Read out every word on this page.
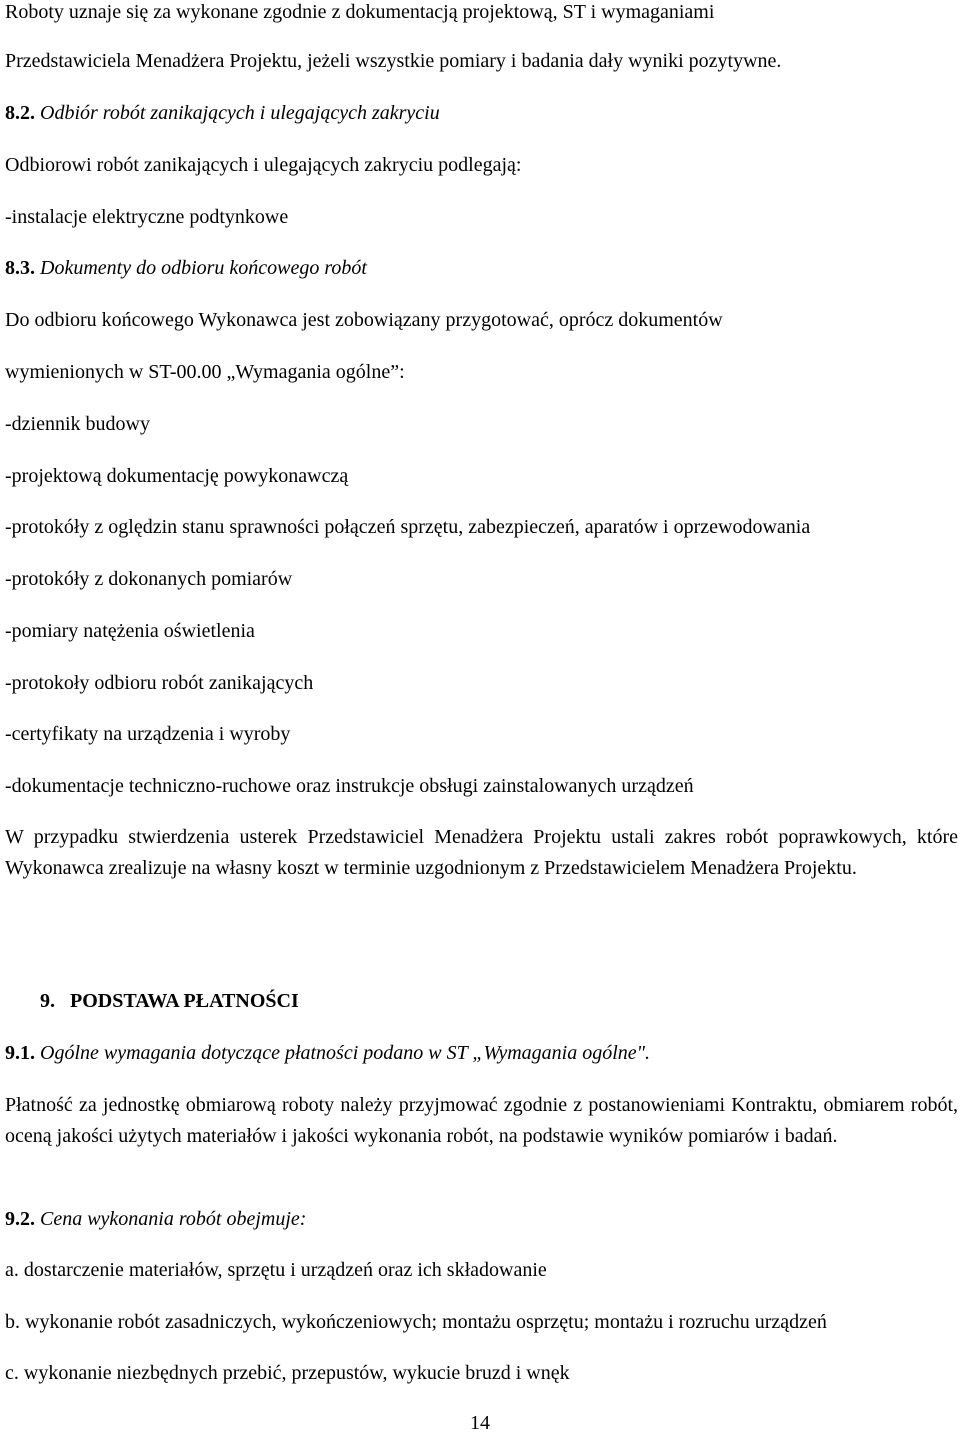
Roboty uznaje się za wykonane zgodnie z dokumentacją projektową, ST i wymaganiami

Przedstawiciela Menadżera Projektu, jeżeli wszystkie pomiary i badania dały wyniki pozytywne.

8.2. Odbiór robót zanikających i ulegających zakryciu

Odbiorowi robót zanikających i ulegających zakryciu podlegają:

-instalacje elektryczne podtynkowe

8.3. Dokumenty do odbioru końcowego robót

Do odbioru końcowego Wykonawca jest zobowiązany przygotować, oprócz dokumentów

wymienionych w ST-00.00 „Wymagania ogólne”:

-dziennik budowy

-projektową dokumentację powykonawczą

-protokóły z oględzin stanu sprawności połączeń sprzętu, zabezpieczeń, aparatów i oprzewodowania

-protokóły z dokonanych pomiarów

-pomiary natężenia oświetlenia

-protokoły odbioru robót zanikających

-certyfikaty na urządzenia i wyroby

-dokumentacje techniczno-ruchowe oraz instrukcje obsługi zainstalowanych urządzeń

W przypadku stwierdzenia usterek Przedstawiciel Menadżera Projektu ustali zakres robót poprawkowych, które Wykonawca zrealizuje na własny koszt w terminie uzgodnionym z Przedstawicielem Menadżera Projektu.

9. PODSTAWA PŁATNOŚCI

9.1. Ogólne wymagania dotyczące płatności podano w ST „Wymagania ogólne".

Płatność za jednostkę obmiarową roboty należy przyjmować zgodnie z postanowieniami Kontraktu, obmiarem robót, oceną jakości użytych materiałów i jakości wykonania robót, na podstawie wyników pomiarów i badań.

9.2. Cena wykonania robót obejmuje:

a. dostarczenie materiałów, sprzętu i urządzeń oraz ich składowanie

b. wykonanie robót zasadniczych, wykończeniowych; montażu osprzętu; montażu i rozruchu urządzeń

c. wykonanie niezbędnych przebić, przepustów, wykucie bruzd i wnęk

14
